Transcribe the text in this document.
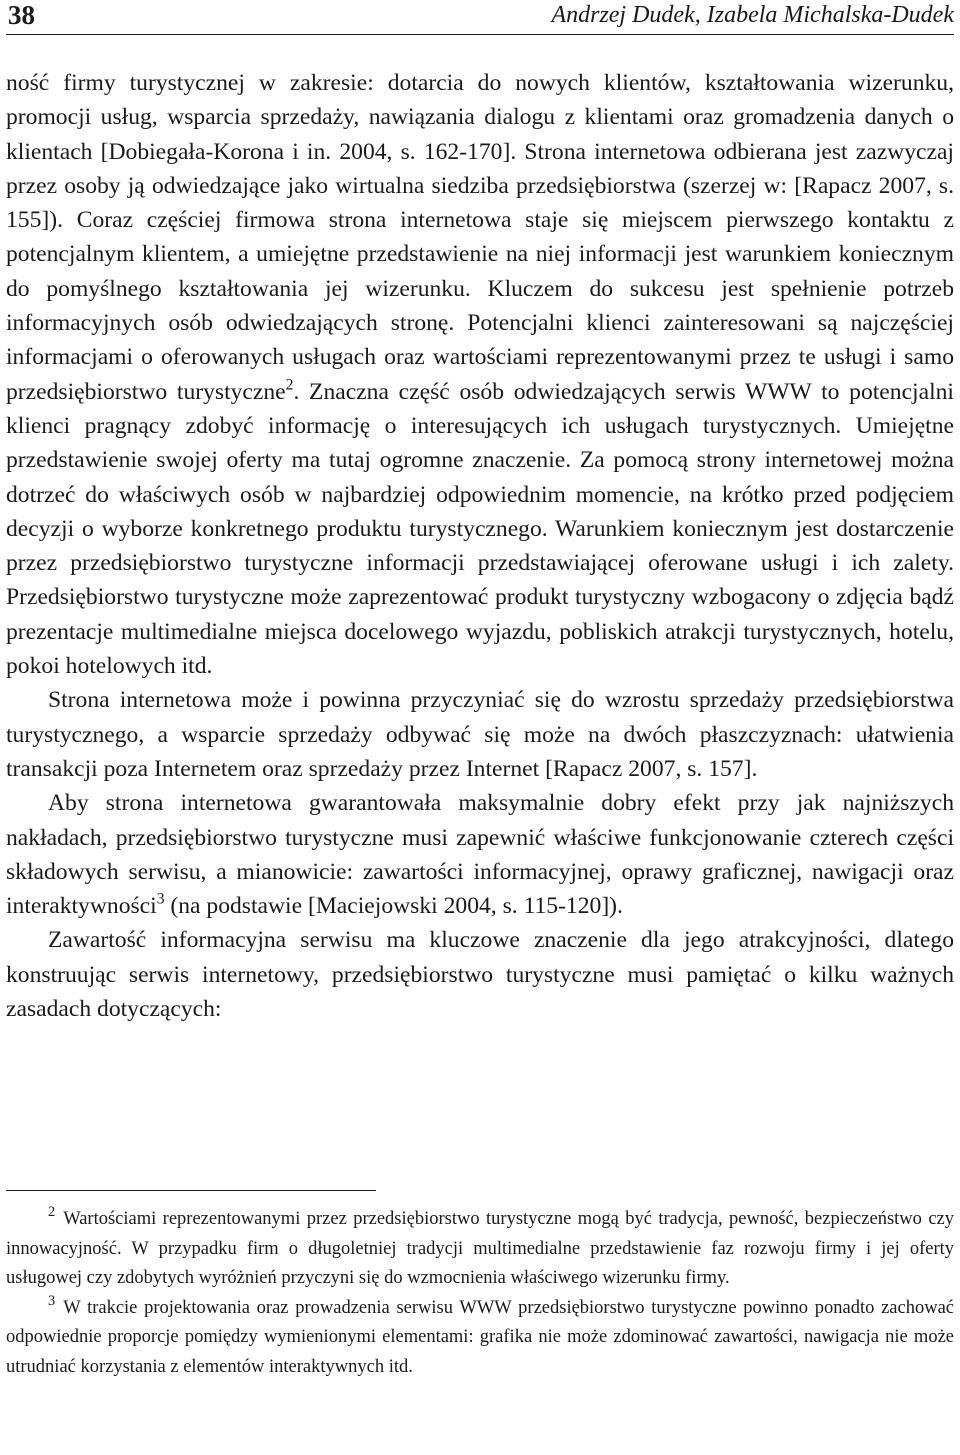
38	Andrzej Dudek, Izabela Michalska-Dudek

ność firmy turystycznej w zakresie: dotarcia do nowych klientów, kształtowania wizerunku, promocji usług, wsparcia sprzedaży, nawiązania dialogu z klientami oraz gromadzenia danych o klientach [Dobiegała-Korona i in. 2004, s. 162-170]. Strona internetowa odbierana jest zazwyczaj przez osoby ją odwiedzające jako wirtualna siedziba przedsiębiorstwa (szerzej w: [Rapacz 2007, s. 155]). Coraz częściej firmowa strona internetowa staje się miejscem pierwszego kontaktu z potencjalnym klientem, a umiejętne przedstawienie na niej informacji jest warunkiem koniecznym do pomyślnego kształtowania jej wizerunku. Kluczem do sukcesu jest spełnienie potrzeb informacyjnych osób odwiedzających stronę. Potencjalni klienci zainteresowani są najczęściej informacjami o oferowanych usługach oraz wartościami reprezentowanymi przez te usługi i samo przedsiębiorstwo turystyczne$^2$. Znaczna część osób odwiedzających serwis WWW to potencjalni klienci pragnący zdobyć informację o interesujących ich usługach turystycznych. Umiejętne przedstawienie swojej oferty ma tutaj ogromne znaczenie. Za pomocą strony internetowej można dotrzeć do właściwych osób w najbardziej odpowiednim momencie, na krótko przed podjęciem decyzji o wyborze konkretnego produktu turystycznego. Warunkiem koniecznym jest dostarczenie przez przedsiębiorstwo turystyczne informacji przedstawiającej oferowane usługi i ich zalety. Przedsiębiorstwo turystyczne może zaprezentować produkt turystyczny wzbogacony o zdjęcia bądź prezentacje multimedialne miejsca docelowego wyjazdu, pobliskich atrakcji turystycznych, hotelu, pokoi hotelowych itd.

Strona internetowa może i powinna przyczyniać się do wzrostu sprzedaży przedsiębiorstwa turystycznego, a wsparcie sprzedaży odbywać się może na dwóch płaszczyznach: ułatwienia transakcji poza Internetem oraz sprzedaży przez Internet [Rapacz 2007, s. 157].

Aby strona internetowa gwarantowała maksymalnie dobry efekt przy jak najniższych nakładach, przedsiębiorstwo turystyczne musi zapewnić właściwe funkcjonowanie czterech części składowych serwisu, a mianowicie: zawartości informacyjnej, oprawy graficznej, nawigacji oraz interaktywności$^3$ (na podstawie [Maciejowski 2004, s. 115-120]).

Zawartość informacyjna serwisu ma kluczowe znaczenie dla jego atrakcyjności, dlatego konstruując serwis internetowy, przedsiębiorstwo turystyczne musi pamiętać o kilku ważnych zasadach dotyczących:

$^2$ Wartościami reprezentowanymi przez przedsiębiorstwo turystyczne mogą być tradycja, pewność, bezpieczeństwo czy innowacyjność. W przypadku firm o długoletniej tradycji multimedialne przedstawienie faz rozwoju firmy i jej oferty usługowej czy zdobytych wyróżnień przyczyni się do wzmocnienia właściwego wizerunku firmy.

$^3$ W trakcie projektowania oraz prowadzenia serwisu WWW przedsiębiorstwo turystyczne powinno ponadto zachować odpowiednie proporcje pomiędzy wymienionymi elementami: grafika nie może zdominować zawartości, nawigacja nie może utrudniać korzystania z elementów interaktywnych itd.
